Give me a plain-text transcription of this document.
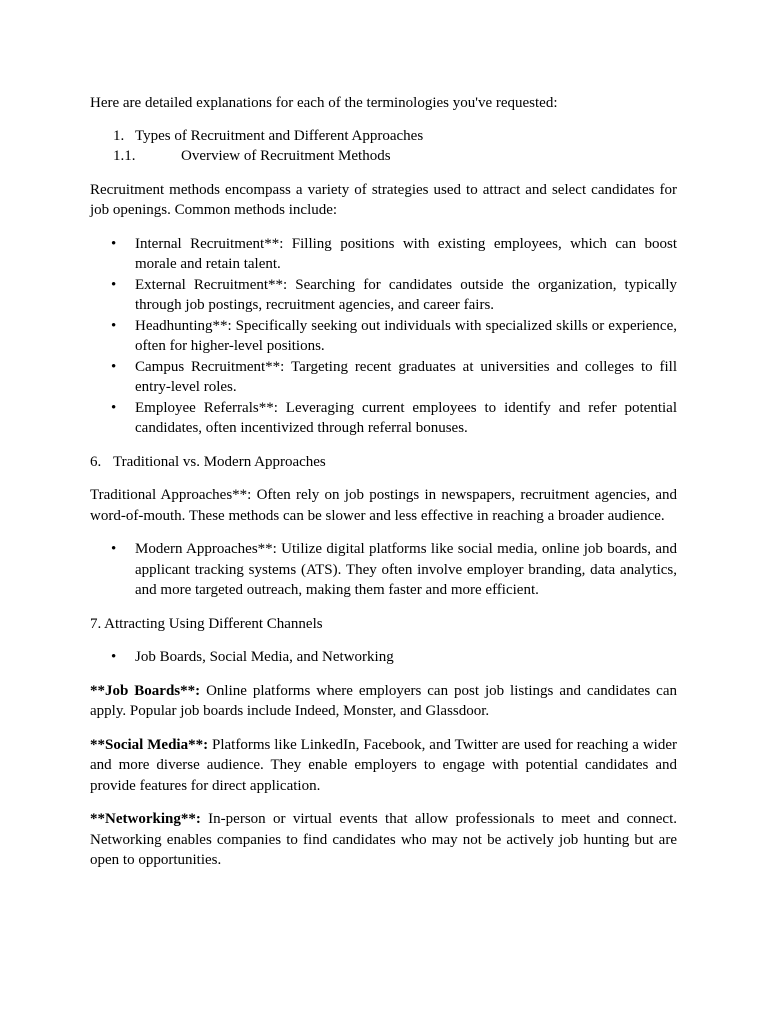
Here are detailed explanations for each of the terminologies you've requested:

1. Types of Recruitment and Different Approaches
1.1.	Overview of Recruitment Methods

Recruitment methods encompass a variety of strategies used to attract and select candidates for job openings. Common methods include:

• Internal Recruitment**: Filling positions with existing employees, which can boost morale and retain talent.
• External Recruitment**: Searching for candidates outside the organization, typically through job postings, recruitment agencies, and career fairs.
• Headhunting**: Specifically seeking out individuals with specialized skills or experience, often for higher-level positions.
• Campus Recruitment**: Targeting recent graduates at universities and colleges to fill entry-level roles.
• Employee Referrals**: Leveraging current employees to identify and refer potential candidates, often incentivized through referral bonuses.
6. Traditional vs. Modern Approaches

Traditional Approaches**: Often rely on job postings in newspapers, recruitment agencies, and word-of-mouth. These methods can be slower and less effective in reaching a broader audience.

• Modern Approaches**: Utilize digital platforms like social media, online job boards, and applicant tracking systems (ATS). They often involve employer branding, data analytics, and more targeted outreach, making them faster and more efficient.

7. Attracting Using Different Channels

• Job Boards, Social Media, and Networking

**Job Boards**: Online platforms where employers can post job listings and candidates can apply. Popular job boards include Indeed, Monster, and Glassdoor.

**Social Media**: Platforms like LinkedIn, Facebook, and Twitter are used for reaching a wider and more diverse audience. They enable employers to engage with potential candidates and provide features for direct application.

**Networking**: In-person or virtual events that allow professionals to meet and connect. Networking enables companies to find candidates who may not be actively job hunting but are open to opportunities.
